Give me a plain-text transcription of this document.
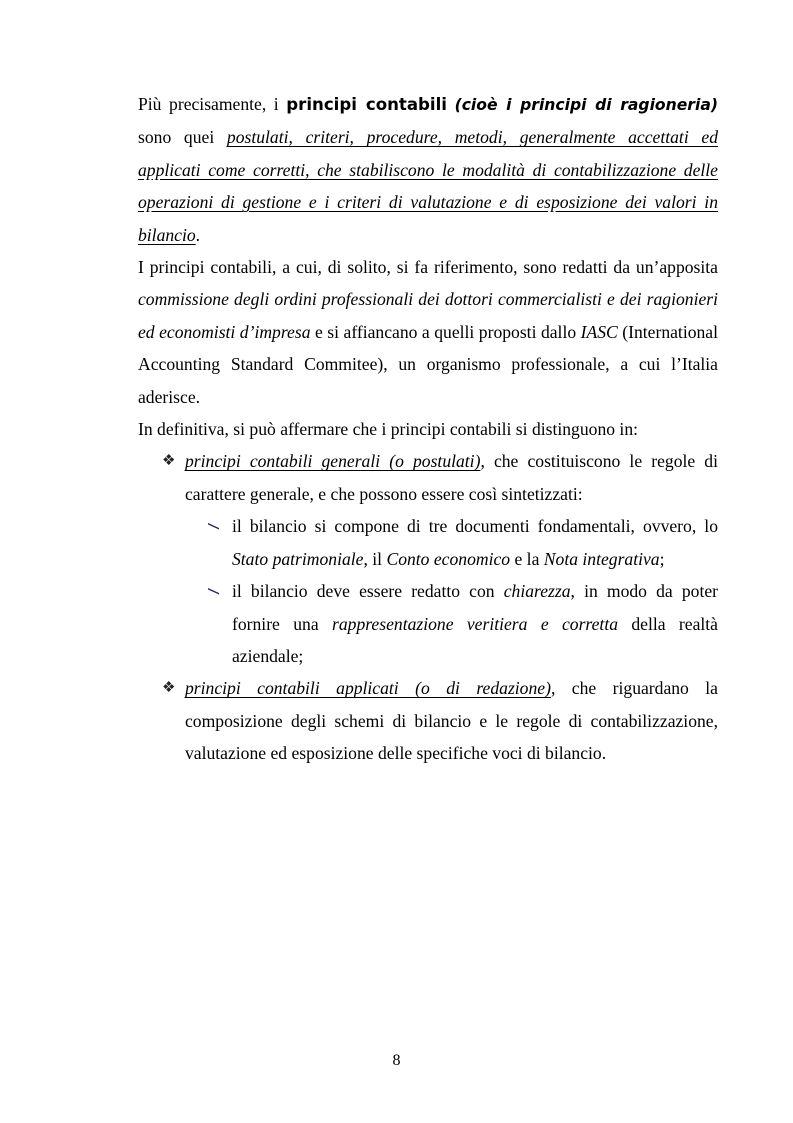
Più precisamente, i principi contabili (cioè i principi di ragioneria) sono quei postulati, criteri, procedure, metodi, generalmente accettati ed applicati come corretti, che stabiliscono le modalità di contabilizzazione delle operazioni di gestione e i criteri di valutazione e di esposizione dei valori in bilancio.

I principi contabili, a cui, di solito, si fa riferimento, sono redatti da un’apposita commissione degli ordini professionali dei dottori commercialisti e dei ragionieri ed economisti d’impresa e si affiancano a quelli proposti dallo IASC (International Accounting Standard Commitee), un organismo professionale, a cui l’Italia aderisce.

In definitiva, si può affermare che i principi contabili si distinguono in:

❖ principi contabili generali (o postulati), che costituiscono le regole di carattere generale, e che possono essere così sintetizzati:

il bilancio si compone di tre documenti fondamentali, ovvero, lo Stato patrimoniale, il Conto economico e la Nota integrativa;

il bilancio deve essere redatto con chiarezza, in modo da poter fornire una rappresentazione veritiera e corretta della realtà aziendale;

❖ principi contabili applicati (o di redazione), che riguardano la composizione degli schemi di bilancio e le regole di contabilizzazione, valutazione ed esposizione delle specifiche voci di bilancio.

8
